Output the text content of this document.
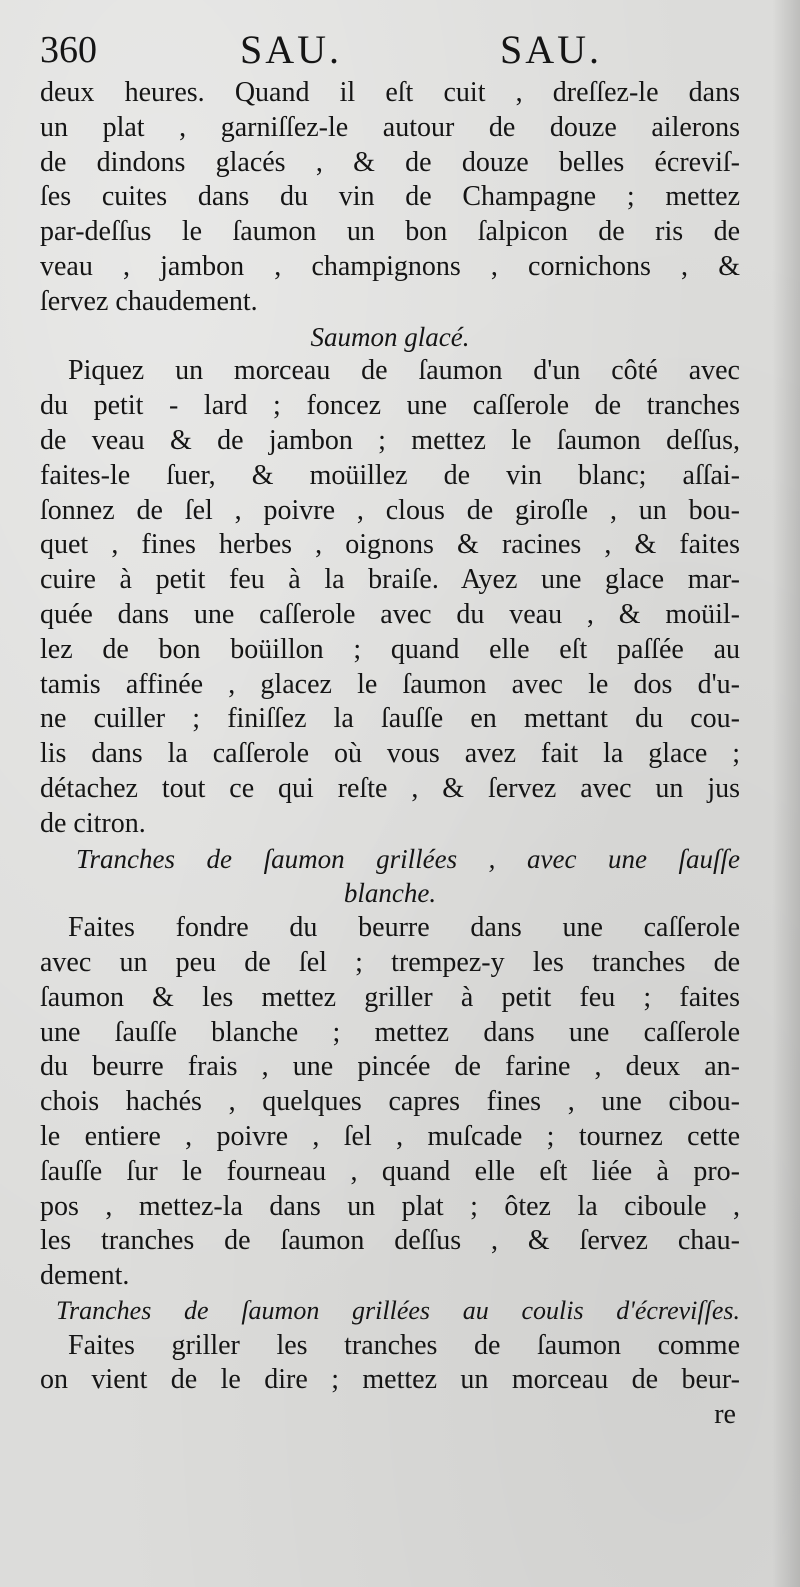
360	SAU.	SAU.
deux heures. Quand il eſt cuit , dreſſez-le dans
un plat , garniſſez-le autour de douze ailerons
de dindons glacés , & de douze belles écreviſ-
ſes cuites dans du vin de Champagne ; mettez
par-deſſus le ſaumon un bon ſalpicon de ris de
veau , jambon , champignons , cornichons , &
ſervez chaudement.
Saumon glacé.
Piquez un morceau de ſaumon d'un côté avec
du petit - lard ; foncez une caſſerole de tranches
de veau & de jambon ; mettez le ſaumon deſſus,
faites-le ſuer, & moüillez de vin blanc; aſſai-
ſonnez de ſel , poivre , clous de giroſle , un bou-
quet , fines herbes , oignons & racines , & faites
cuire à petit feu à la braiſe. Ayez une glace mar-
quée dans une caſſerole avec du veau , & moüil-
lez de bon boüillon ; quand elle eſt paſſée au
tamis affinée , glacez le ſaumon avec le dos d'u-
ne cuiller ; finiſſez la ſauſſe en mettant du cou-
lis dans la caſſerole où vous avez fait la glace ;
détachez tout ce qui reſte , & ſervez avec un jus
de citron.
Tranches de ſaumon grillées , avec une ſauſſe
blanche.
Faites fondre du beurre dans une caſſerole
avec un peu de ſel ; trempez-y les tranches de
ſaumon & les mettez griller à petit feu ; faites
une ſauſſe blanche ; mettez dans une caſſerole
du beurre frais , une pincée de farine , deux an-
chois hachés , quelques capres fines , une cibou-
le entiere , poivre , ſel , muſcade ; tournez cette
ſauſſe ſur le fourneau , quand elle eſt liée à pro-
pos , mettez-la dans un plat ; ôtez la ciboule ,
les tranches de ſaumon deſſus , & ſervez chau-
dement.
Tranches de ſaumon grillées au coulis d'écreviſſes.
Faites griller les tranches de ſaumon comme
on vient de le dire ; mettez un morceau de beur-
re
